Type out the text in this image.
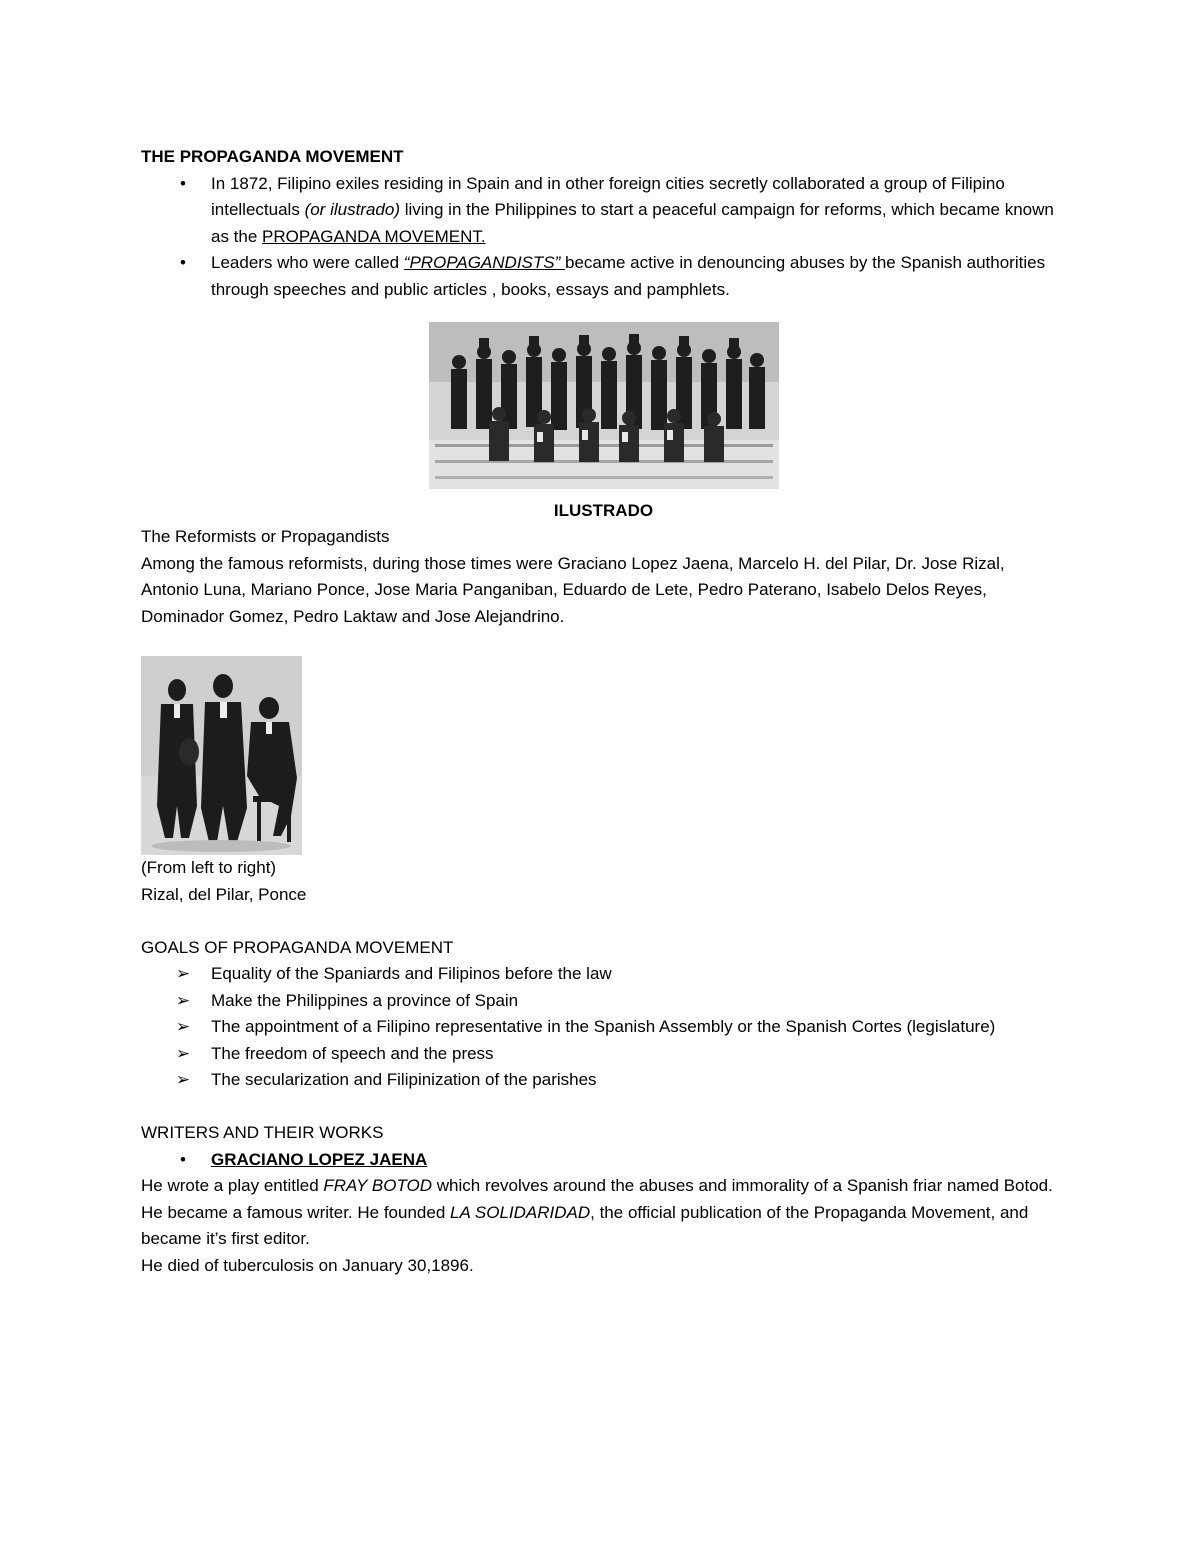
THE PROPAGANDA MOVEMENT
•	In 1872, Filipino exiles residing in Spain and in other foreign cities secretly collaborated a group of Filipino intellectuals (or ilustrado) living in the Philippines to start a peaceful campaign for reforms, which became known as the PROPAGANDA MOVEMENT.
•	Leaders who were called “PROPAGANDISTS” became active in denouncing abuses by the Spanish authorities through speeches and public articles , books, essays and pamphlets.
ILUSTRADO
The Reformists or Propagandists
Among the famous reformists, during those times were Graciano Lopez Jaena, Marcelo H. del Pilar, Dr. Jose Rizal, Antonio Luna, Mariano Ponce, Jose Maria Panganiban, Eduardo de Lete, Pedro Paterano, Isabelo Delos Reyes, Dominador Gomez, Pedro Laktaw and Jose Alejandrino.
(From left to right)
Rizal, del Pilar, Ponce
GOALS OF PROPAGANDA MOVEMENT
➢ Equality of the Spaniards and Filipinos before the law
➢ Make the Philippines a province of Spain
➢ The appointment of a Filipino representative in the Spanish Assembly or the Spanish Cortes (legislature)
➢ The freedom of speech and the press
➢ The secularization and Filipinization of the parishes
WRITERS AND THEIR WORKS
•	GRACIANO LOPEZ JAENA
He wrote a play entitled FRAY BOTOD which revolves around the abuses and immorality of a Spanish friar named Botod.
He became a famous writer. He founded LA SOLIDARIDAD, the official publication of the Propaganda Movement, and became it’s first editor.
He died of tuberculosis on January 30,1896.
